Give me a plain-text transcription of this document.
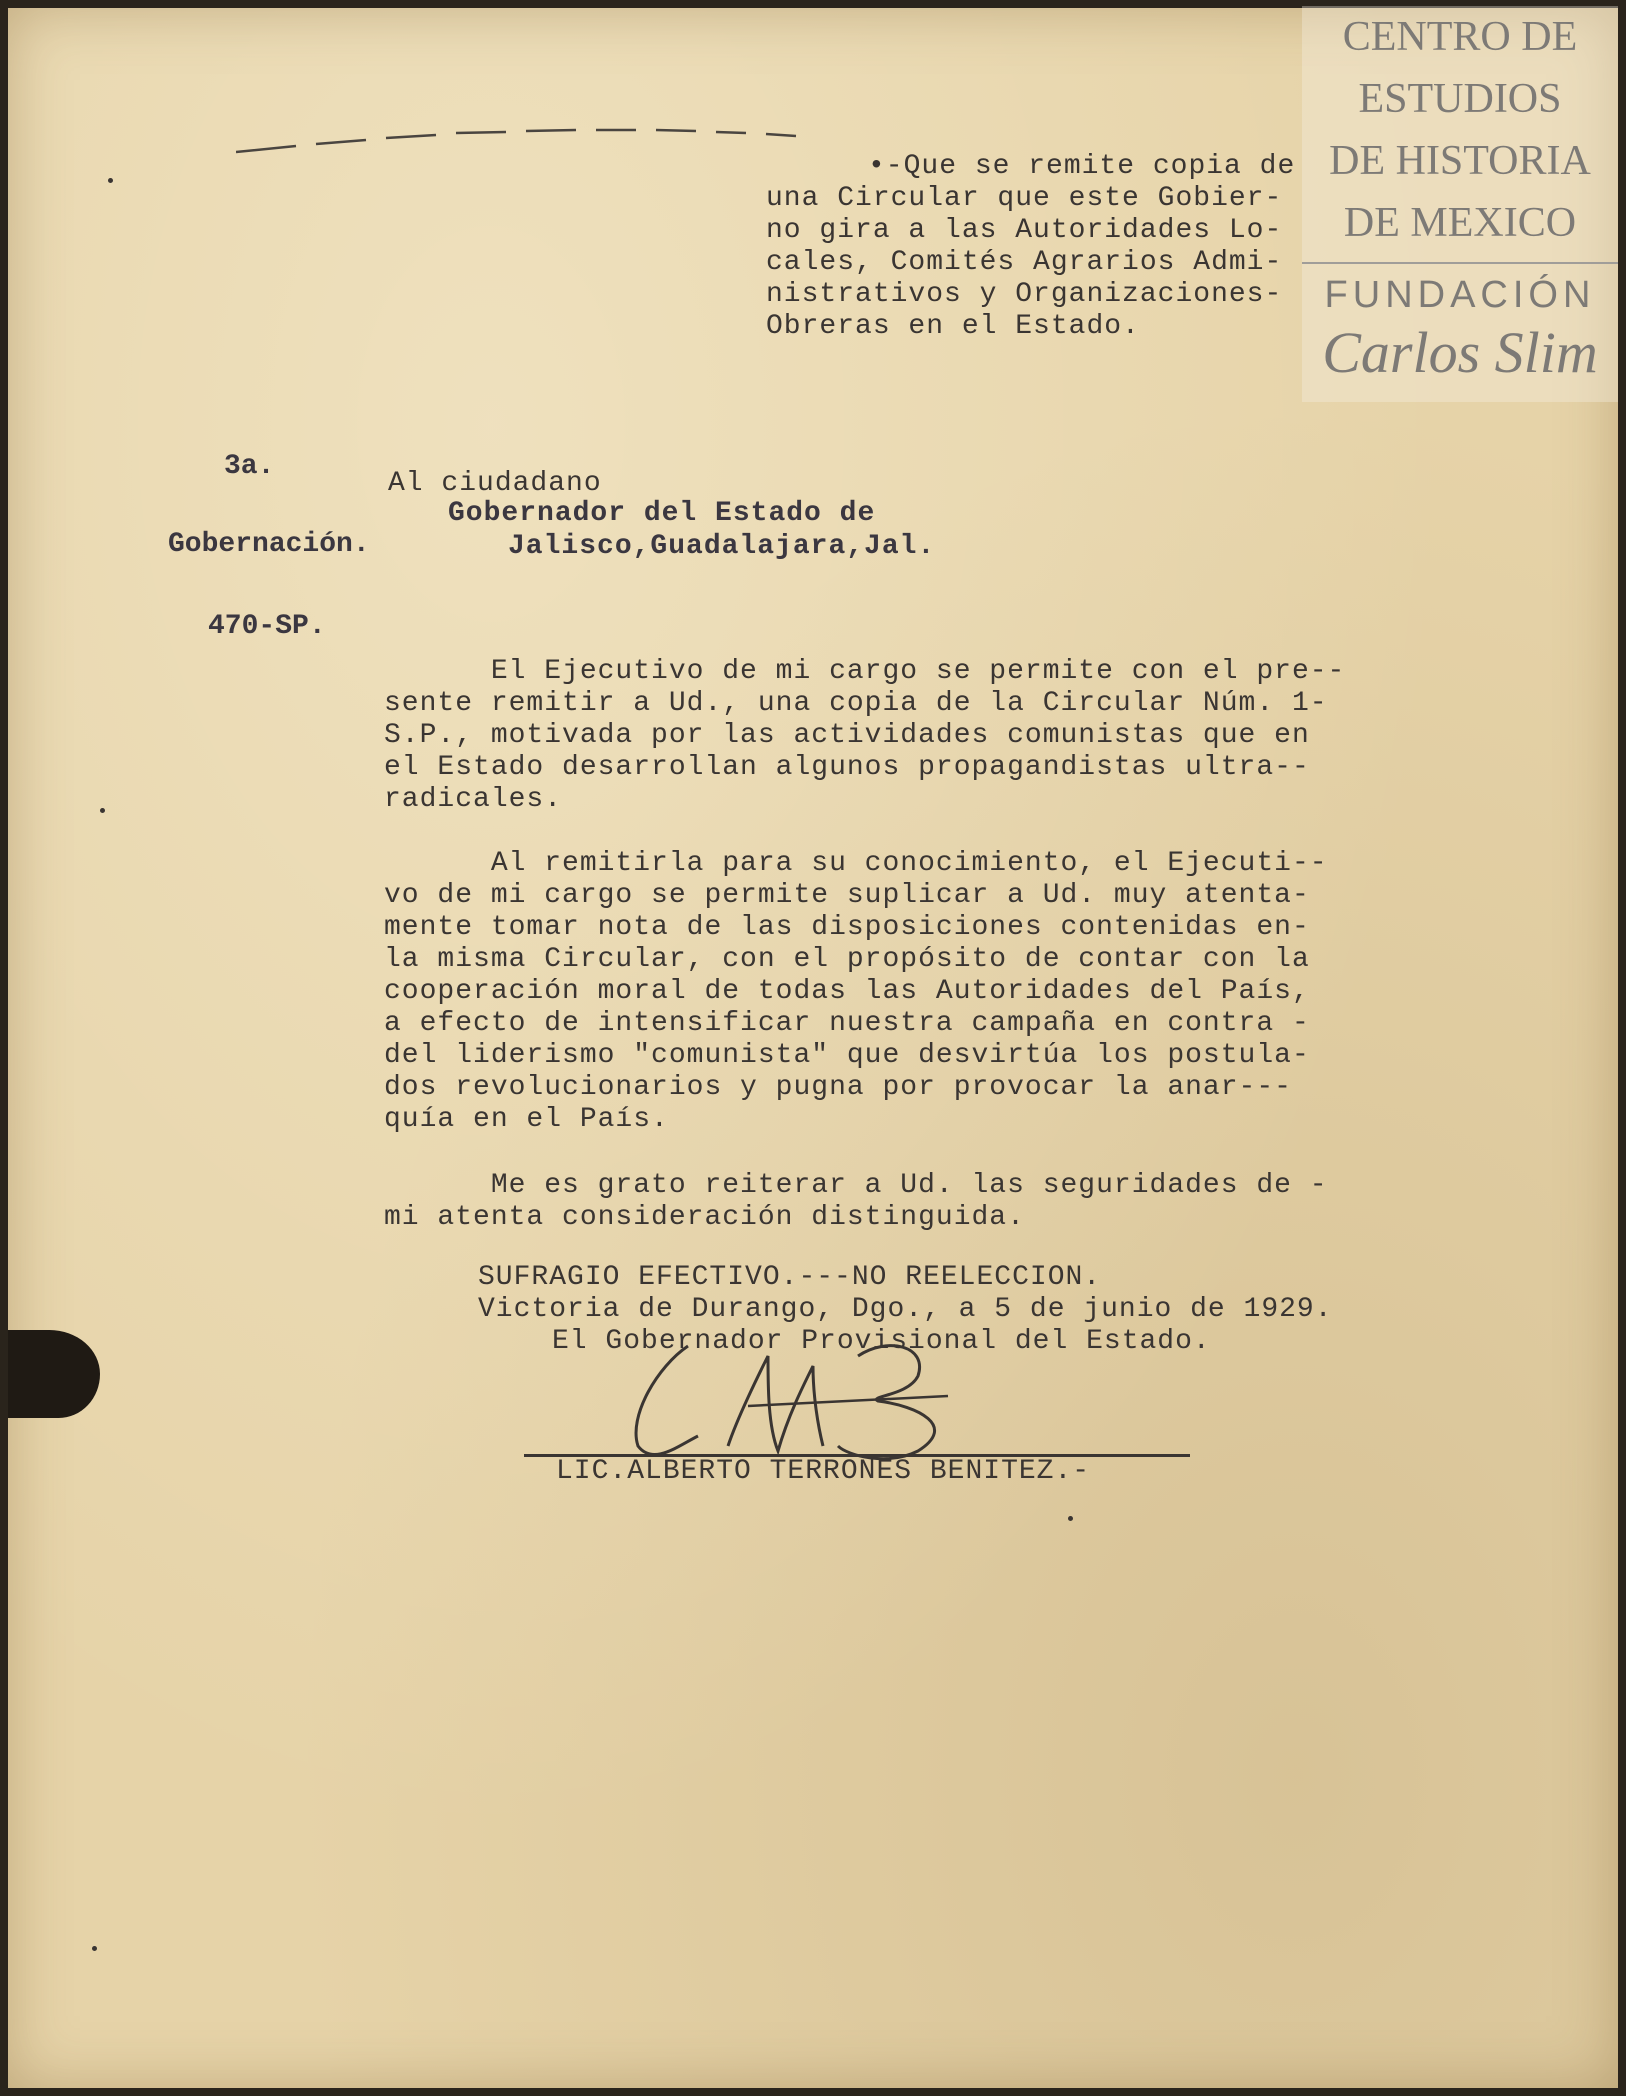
•-Que se remite copia de

una Circular que este Gobier-

no gira a las Autoridades Lo-

cales, Comités Agrarios Admi-

nistrativos y Organizaciones-

Obreras en el Estado.

3a.

Gobernación.

470-SP.

Al ciudadano

Gobernador del Estado de

Jalisco,Guadalajara,Jal.

El Ejecutivo de mi cargo se permite con el pre--

sente remitir a Ud., una copia de la Circular Núm. 1-

S.P., motivada por las actividades comunistas que en

el Estado desarrollan algunos propagandistas ultra--

radicales.

Al remitirla para su conocimiento, el Ejecuti--

vo de mi cargo se permite suplicar a Ud. muy atenta-

mente tomar nota de las disposiciones contenidas en-

la misma Circular, con el propósito de contar con la

cooperación moral de todas las Autoridades del País,

a efecto de intensificar nuestra campaña en contra -

del liderismo "comunista" que desvirtúa los postula-

dos revolucionarios y pugna por provocar la anar---

quía en el País.

Me es grato reiterar a Ud. las seguridades de -

mi atenta consideración distinguida.

SUFRAGIO EFECTIVO.---NO REELECCION.

Victoria de Durango, Dgo., a 5 de junio de 1929.

El Gobernador Provisional del Estado.

LIC.ALBERTO TERRONES BENITEZ.-

CENTRO DE
ESTUDIOS
DE HISTORIA
DE MEXICO
FUNDACIÓN
Carlos Slim
